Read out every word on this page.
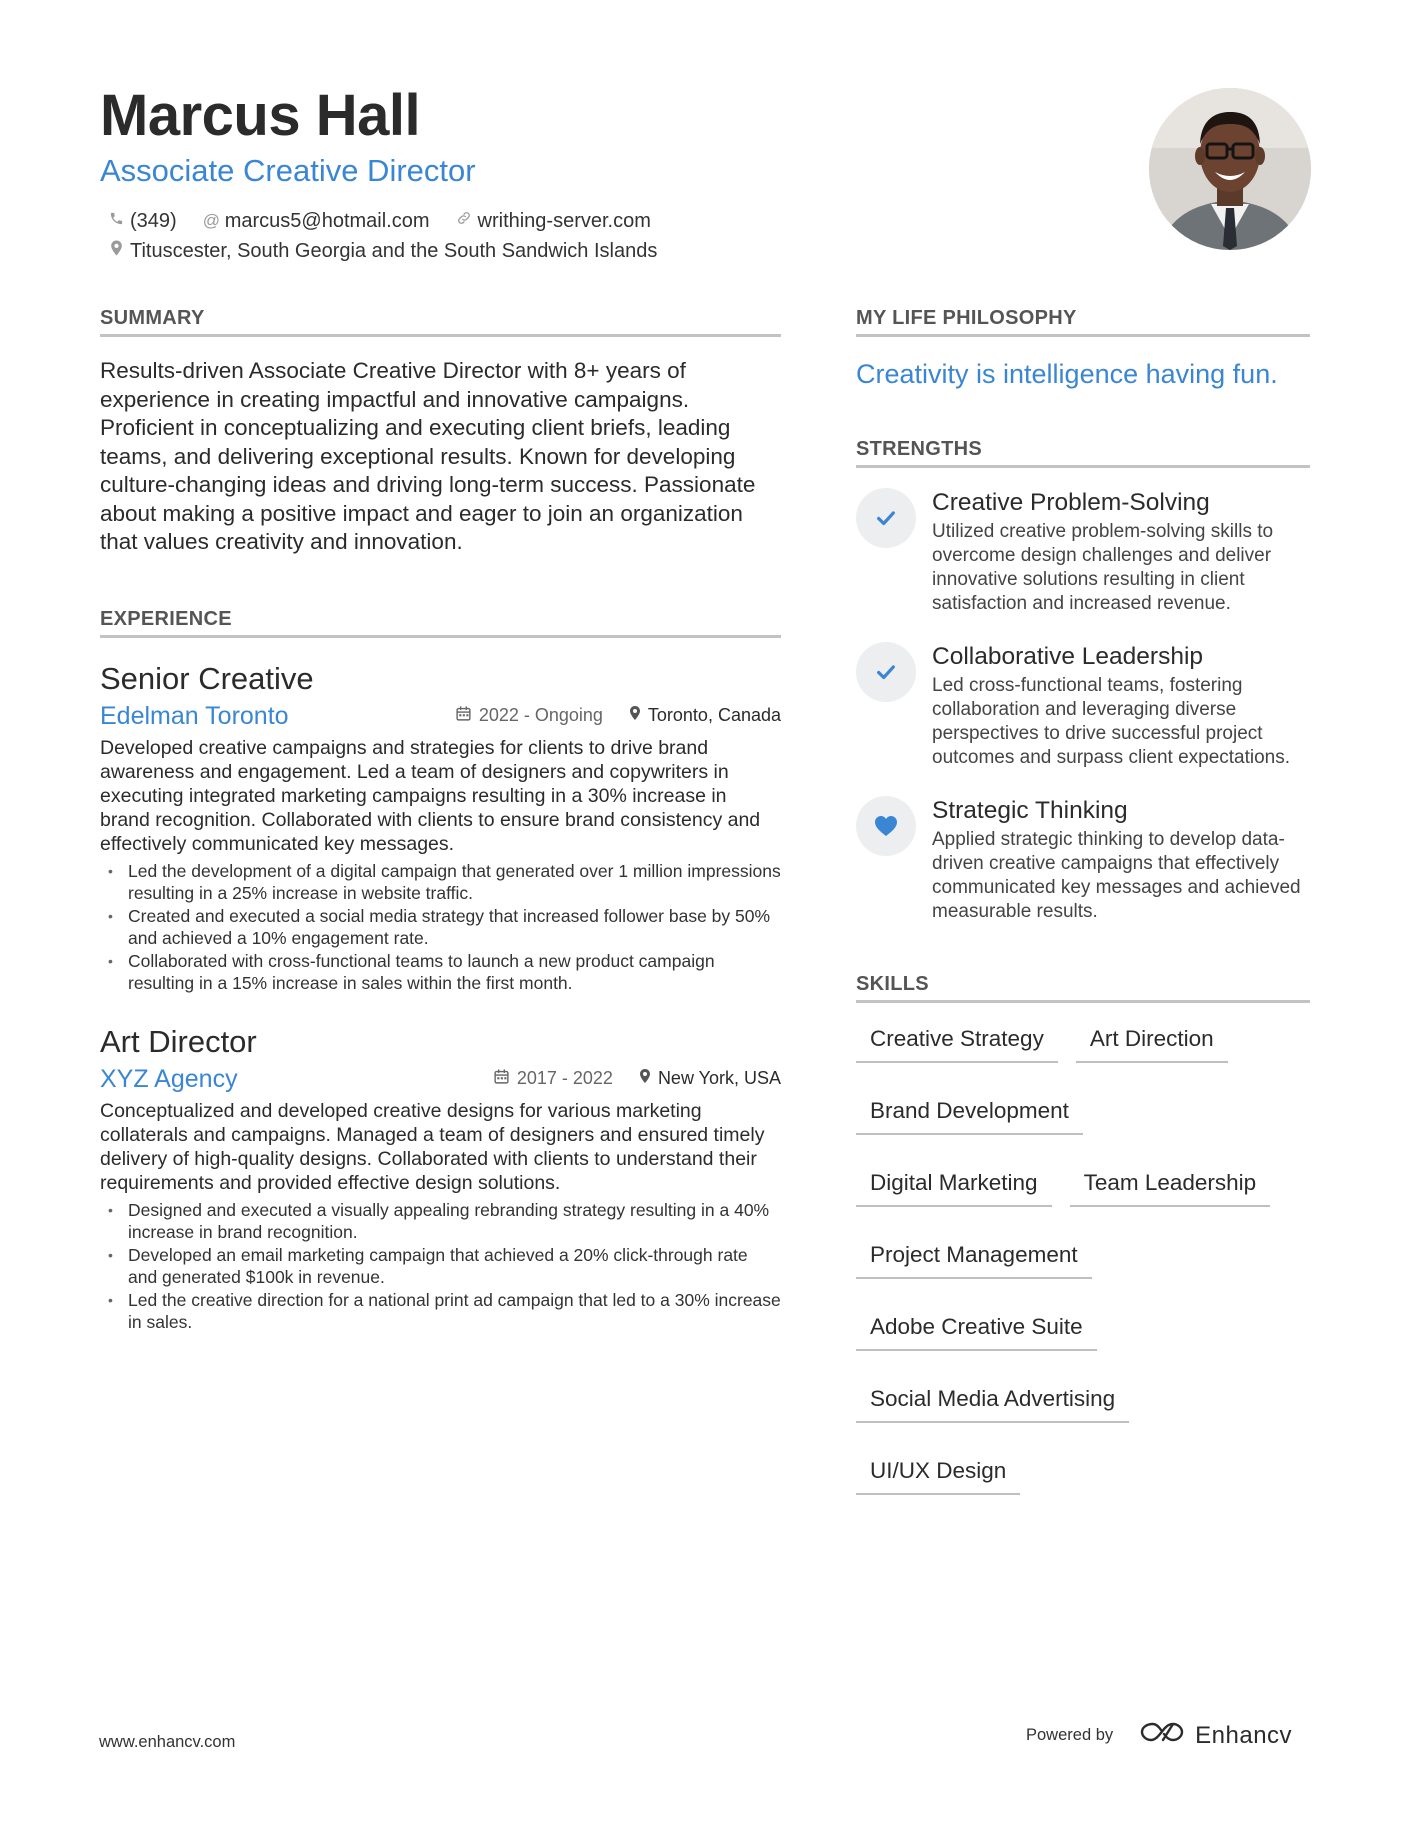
Marcus Hall
Associate Creative Director
(349) @ marcus5@hotmail.com writhing-server.com
Tituscester, South Georgia and the South Sandwich Islands
SUMMARY

Results-driven Associate Creative Director with 8+ years of experience in creating impactful and innovative campaigns. Proficient in conceptualizing and executing client briefs, leading teams, and delivering exceptional results. Known for developing culture-changing ideas and driving long-term success. Passionate about making a positive impact and eager to join an organization that values creativity and innovation.

EXPERIENCE
Senior Creative
Edelman Toronto	2022 - Ongoing	Toronto, Canada

Developed creative campaigns and strategies for clients to drive brand awareness and engagement. Led a team of designers and copywriters in executing integrated marketing campaigns resulting in a 30% increase in brand recognition. Collaborated with clients to ensure brand consistency and effectively communicated key messages.

• Led the development of a digital campaign that generated over 1 million impressions resulting in a 25% increase in website traffic.
• Created and executed a social media strategy that increased follower base by 50% and achieved a 10% engagement rate.
• Collaborated with cross-functional teams to launch a new product campaign resulting in a 15% increase in sales within the first month.
Art Director
XYZ Agency	2017 - 2022	New York, USA

Conceptualized and developed creative designs for various marketing collaterals and campaigns. Managed a team of designers and ensured timely delivery of high-quality designs. Collaborated with clients to understand their requirements and provided effective design solutions.

• Designed and executed a visually appealing rebranding strategy resulting in a 40% increase in brand recognition.
• Developed an email marketing campaign that achieved a 20% click-through rate and generated $100k in revenue.
• Led the creative direction for a national print ad campaign that led to a 30% increase in sales.
MY LIFE PHILOSOPHY

Creativity is intelligence having fun.

STRENGTHS
Creative Problem-Solving
Utilized creative problem-solving skills to overcome design challenges and deliver innovative solutions resulting in client satisfaction and increased revenue.
Collaborative Leadership
Led cross-functional teams, fostering collaboration and leveraging diverse perspectives to drive successful project outcomes and surpass client expectations.
Strategic Thinking
Applied strategic thinking to develop data-driven creative campaigns that effectively communicated key messages and achieved measurable results.
SKILLS
Creative Strategy	Art Direction
Brand Development
Digital Marketing	Team Leadership
Project Management
Adobe Creative Suite
Social Media Advertising
UI/UX Design
www.enhancv.com	Powered by	Enhancv
